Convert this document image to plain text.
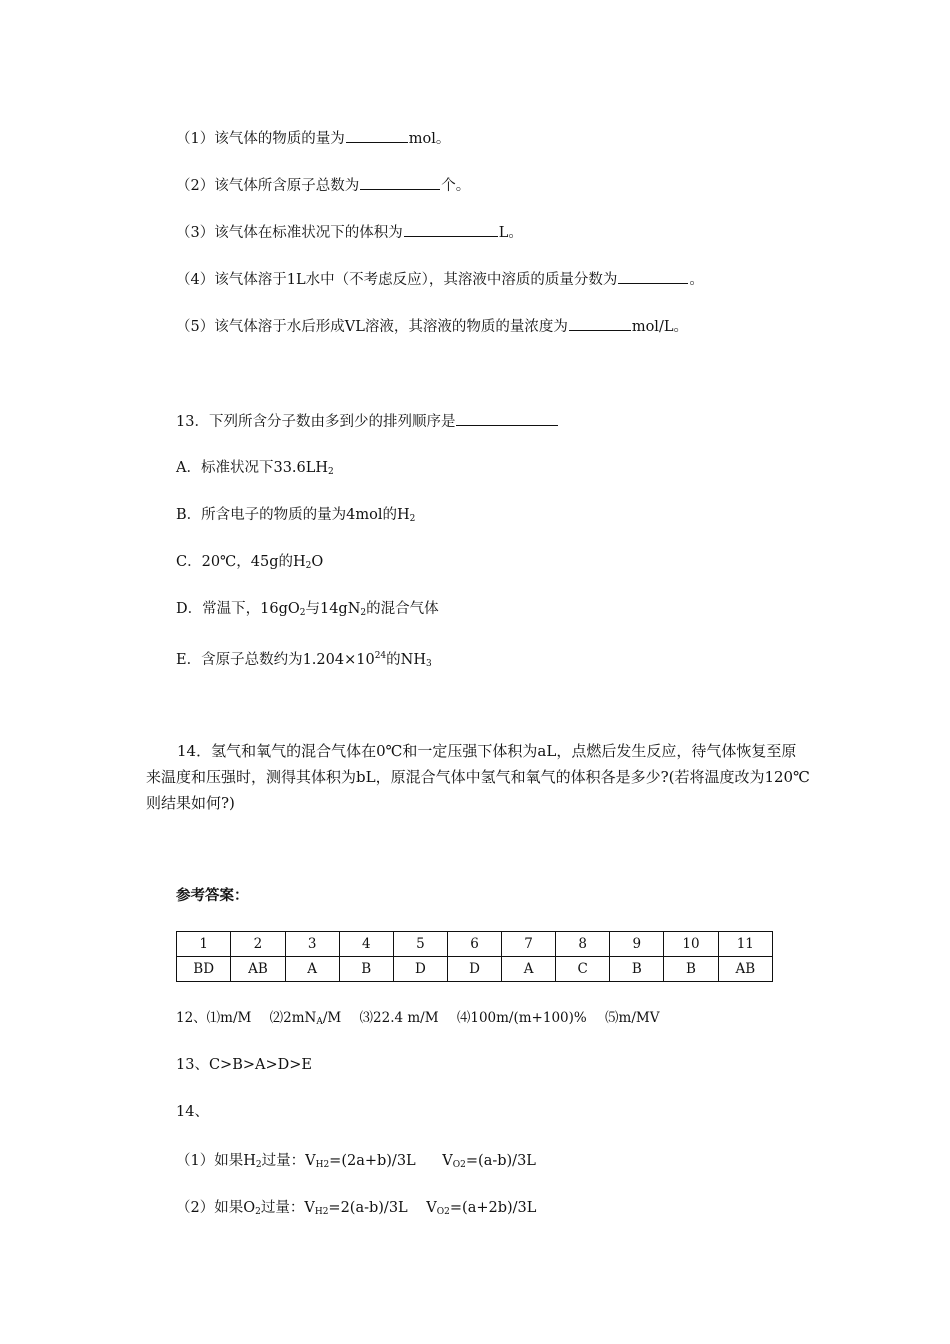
（1）该气体的物质的量为	mol。
（2）该气体所含原子总数为	个。
（3）该气体在标准状况下的体积为	L。
（4）该气体溶于1L水中（不考虑反应），其溶液中溶质的质量分数为	。
（5）该气体溶于水后形成VL溶液，其溶液的物质的量浓度为	mol/L。
13．下列所含分子数由多到少的排列顺序是
A．标准状况下$33.6LH_2$
B．所含电子的物质的量为4mol的$H_2$
C．20℃，45g的$H_2O$
D．常温下，$16gO_2$与$14gN_2$的混合气体
E．含原子总数约为$1.204\times 10^{24}$的$NH_3$
14．氢气和氧气的混合气体在0℃和一定压强下体积为aL，点燃后发生反应，待气体恢复至原来温度和压强时，测得其体积为bL，原混合气体中氢气和氧气的体积各是多少?(若将温度改为120℃则结果如何?)
参考答案：
1	2	3	4	5	6	7	8	9	10	11
BD	AB	A	B	D	D	A	C	B	B	AB
12、⑴m/M $⑵2mN_A/M$ ⑶22.4 m/M ⑷100m/(m+100)% ⑸m/MV
13、C>B>A>D>E
14、
（1）如果$H_2$过量：$V_{H2}=(2a+b)/3L$ $V_{O2}=(a-b)/3L$
（2）如果$O_2$过量：$V_{H2}=2(a-b)/3L$ $V_{O2}=(a+2b)/3L$
